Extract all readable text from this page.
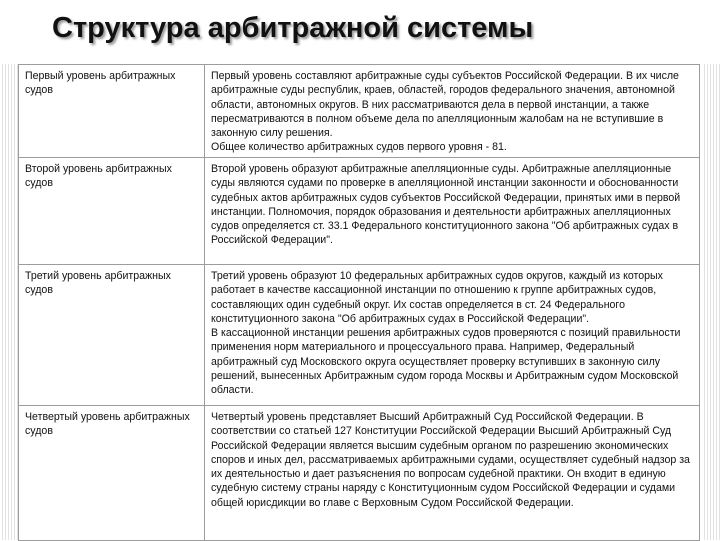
Структура арбитражной системы
Первый уровень арбитражных судов	Первый уровень составляют арбитражные суды субъектов Российской Федерации. В их числе арбитражные суды республик, краев, областей, городов федерального значения, автономной области, автономных округов. В них рассматриваются дела в первой инстанции, а также пересматриваются в полном объеме дела по апелляционным жалобам на не вступившие в законную силу решения.
Общее количество арбитражных судов первого уровня - 81.
Второй уровень арбитражных судов	Второй уровень образуют арбитражные апелляционные суды. Арбитражные апелляционные суды являются судами по проверке в апелляционной инстанции законности и обоснованности судебных актов арбитражных судов субъектов Российской Федерации, принятых ими в первой инстанции. Полномочия, порядок образования и деятельности арбитражных апелляционных судов определяется ст. 33.1 Федерального конституционного закона "Об арбитражных судах в Российской Федерации".
Третий уровень арбитражных судов	Третий уровень образуют 10 федеральных арбитражных судов округов, каждый из которых работает в качестве кассационной инстанции по отношению к группе арбитражных судов, составляющих один судебный округ. Их состав определяется в ст. 24 Федерального конституционного закона "Об арбитражных судах в Российской Федерации".
В кассационной инстанции решения арбитражных судов проверяются с позиций правильности применения норм материального и процессуального права. Например, Федеральный арбитражный суд Московского округа осуществляет проверку вступивших в законную силу решений, вынесенных Арбитражным судом города Москвы и Арбитражным судом Московской области.
Четвертый уровень арбитражных судов	Четвертый уровень представляет Высший Арбитражный Суд Российской Федерации. В соответствии со статьей 127 Конституции Российской Федерации Высший Арбитражный Суд Российской Федерации является высшим судебным органом по разрешению экономических споров и иных дел, рассматриваемых арбитражными судами, осуществляет судебный надзор за их деятельностью и дает разъяснения по вопросам судебной практики. Он входит в единую судебную систему страны наряду с Конституционным судом Российской Федерации и судами общей юрисдикции во главе с Верховным Судом Российской Федерации.
